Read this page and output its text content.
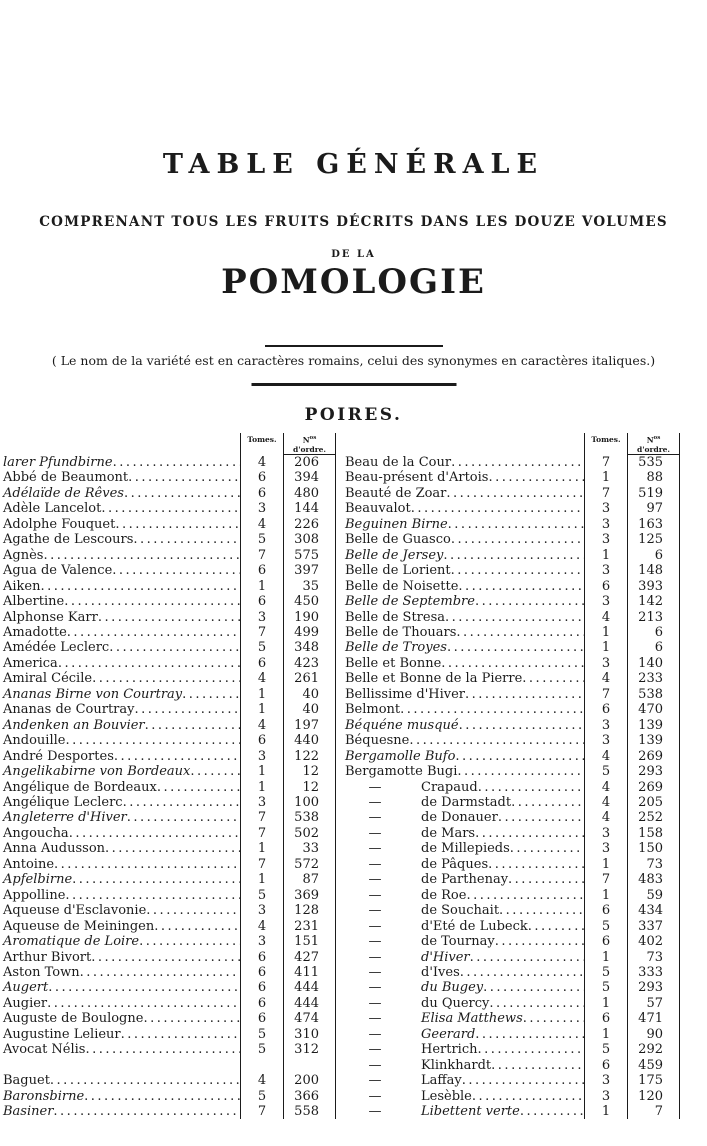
TABLE GÉNÉRALE
COMPRENANT TOUS LES FRUITS DÉCRITS DANS LES DOUZE VOLUMES
DE LA
POMOLOGIE
( Le nom de la variété est en caractères romains, celui des synonymes en caractères italiques.)
POIRES.
Tomes.	$N^{os}$
d'ordre.
larer Pfundbirne .....	4	206
Abbé de Beaumont .....	6	394
Adélaïde de Rêves .....	6	480
Adèle Lancelot .....	3	144
Adolphe Fouquet .....	4	226
Agathe de Lescours .....	5	308
Agnès .....	7	575
Agua de Valence .....	6	397
Aiken .....	1	35
Albertine .....	6	450
Alphonse Karr .....	3	190
Amadotte .....	7	499
Amédée Leclerc .....	5	348
America .....	6	423
Amiral Cécile .....	4	261
Ananas Birne von Courtray .....	1	40
Ananas de Courtray .....	1	40
Andenken an Bouvier .....	4	197
Andouille .....	6	440
André Desportes .....	3	122
Angelikabirne von Bordeaux .....	1	12
Angélique de Bordeaux .....	1	12
Angélique Leclerc .....	3	100
Angleterre d'Hiver .....	7	538
Angoucha .....	7	502
Anna Audusson .....	1	33
Antoine .....	7	572
Apfelbirne .....	1	87
Appolline .....	5	369
Aqueuse d'Esclavonie .....	3	128
Aqueuse de Meiningen .....	4	231
Aromatique de Loire .....	3	151
Arthur Bivort .....	6	427
Aston Town .....	6	411
Augert .....	6	444
Augier .....	6	444
Auguste de Boulogne .....	6	474
Augustine Lelieur .....	5	310
Avocat Nélis .....	5	312
Baguet .....	4	200
Baronsbirne .....	5	366
Basiner .....	7	558
Tomes.	$N^{os}$
d'ordre.
Beau de la Cour .....	7	535
Beau-présent d'Artois .....	1	88
Beauté de Zoar .....	7	519
Beauvalot .....	3	97
Beguinen Birne .....	3	163
Belle de Guasco .....	3	125
Belle de Jersey .....	1	6
Belle de Lorient .....	3	148
Belle de Noisette .....	6	393
Belle de Septembre .....	3	142
Belle de Stresa .....	4	213
Belle de Thouars .....	1	6
Belle de Troyes .....	1	6
Belle et Bonne .....	3	140
Belle et Bonne de la Pierre .....	4	233
Bellissime d'Hiver .....	7	538
Belmont .....	6	470
Béquéne musqué .....	3	139
Béquesne .....	3	139
Bergamolle Bufo .....	4	269
Bergamotte Bugi .....	5	293
—	Crapaud .....	4	269
—	de Darmstadt .....	4	205
—	de Donauer .....	4	252
—	de Mars .....	3	158
—	de Millepieds .....	3	150
—	de Pâques .....	1	73
—	de Parthenay .....	7	483
—	de Roe .....	1	59
—	de Souchait .....	6	434
—	d'Eté de Lubeck .....	5	337
—	de Tournay .....	6	402
—	d'Hiver .....	1	73
—	d'Ives .....	5	333
—	du Bugey .....	5	293
—	du Quercy .....	1	57
—	Elisa Matthews .....	6	471
—	Geerard .....	1	90
—	Hertrich .....	5	292
—	Klinkhardt .....	6	459
—	Laffay .....	3	175
—	Lesèble .....	3	120
—	Libettent verte .....	1	7
